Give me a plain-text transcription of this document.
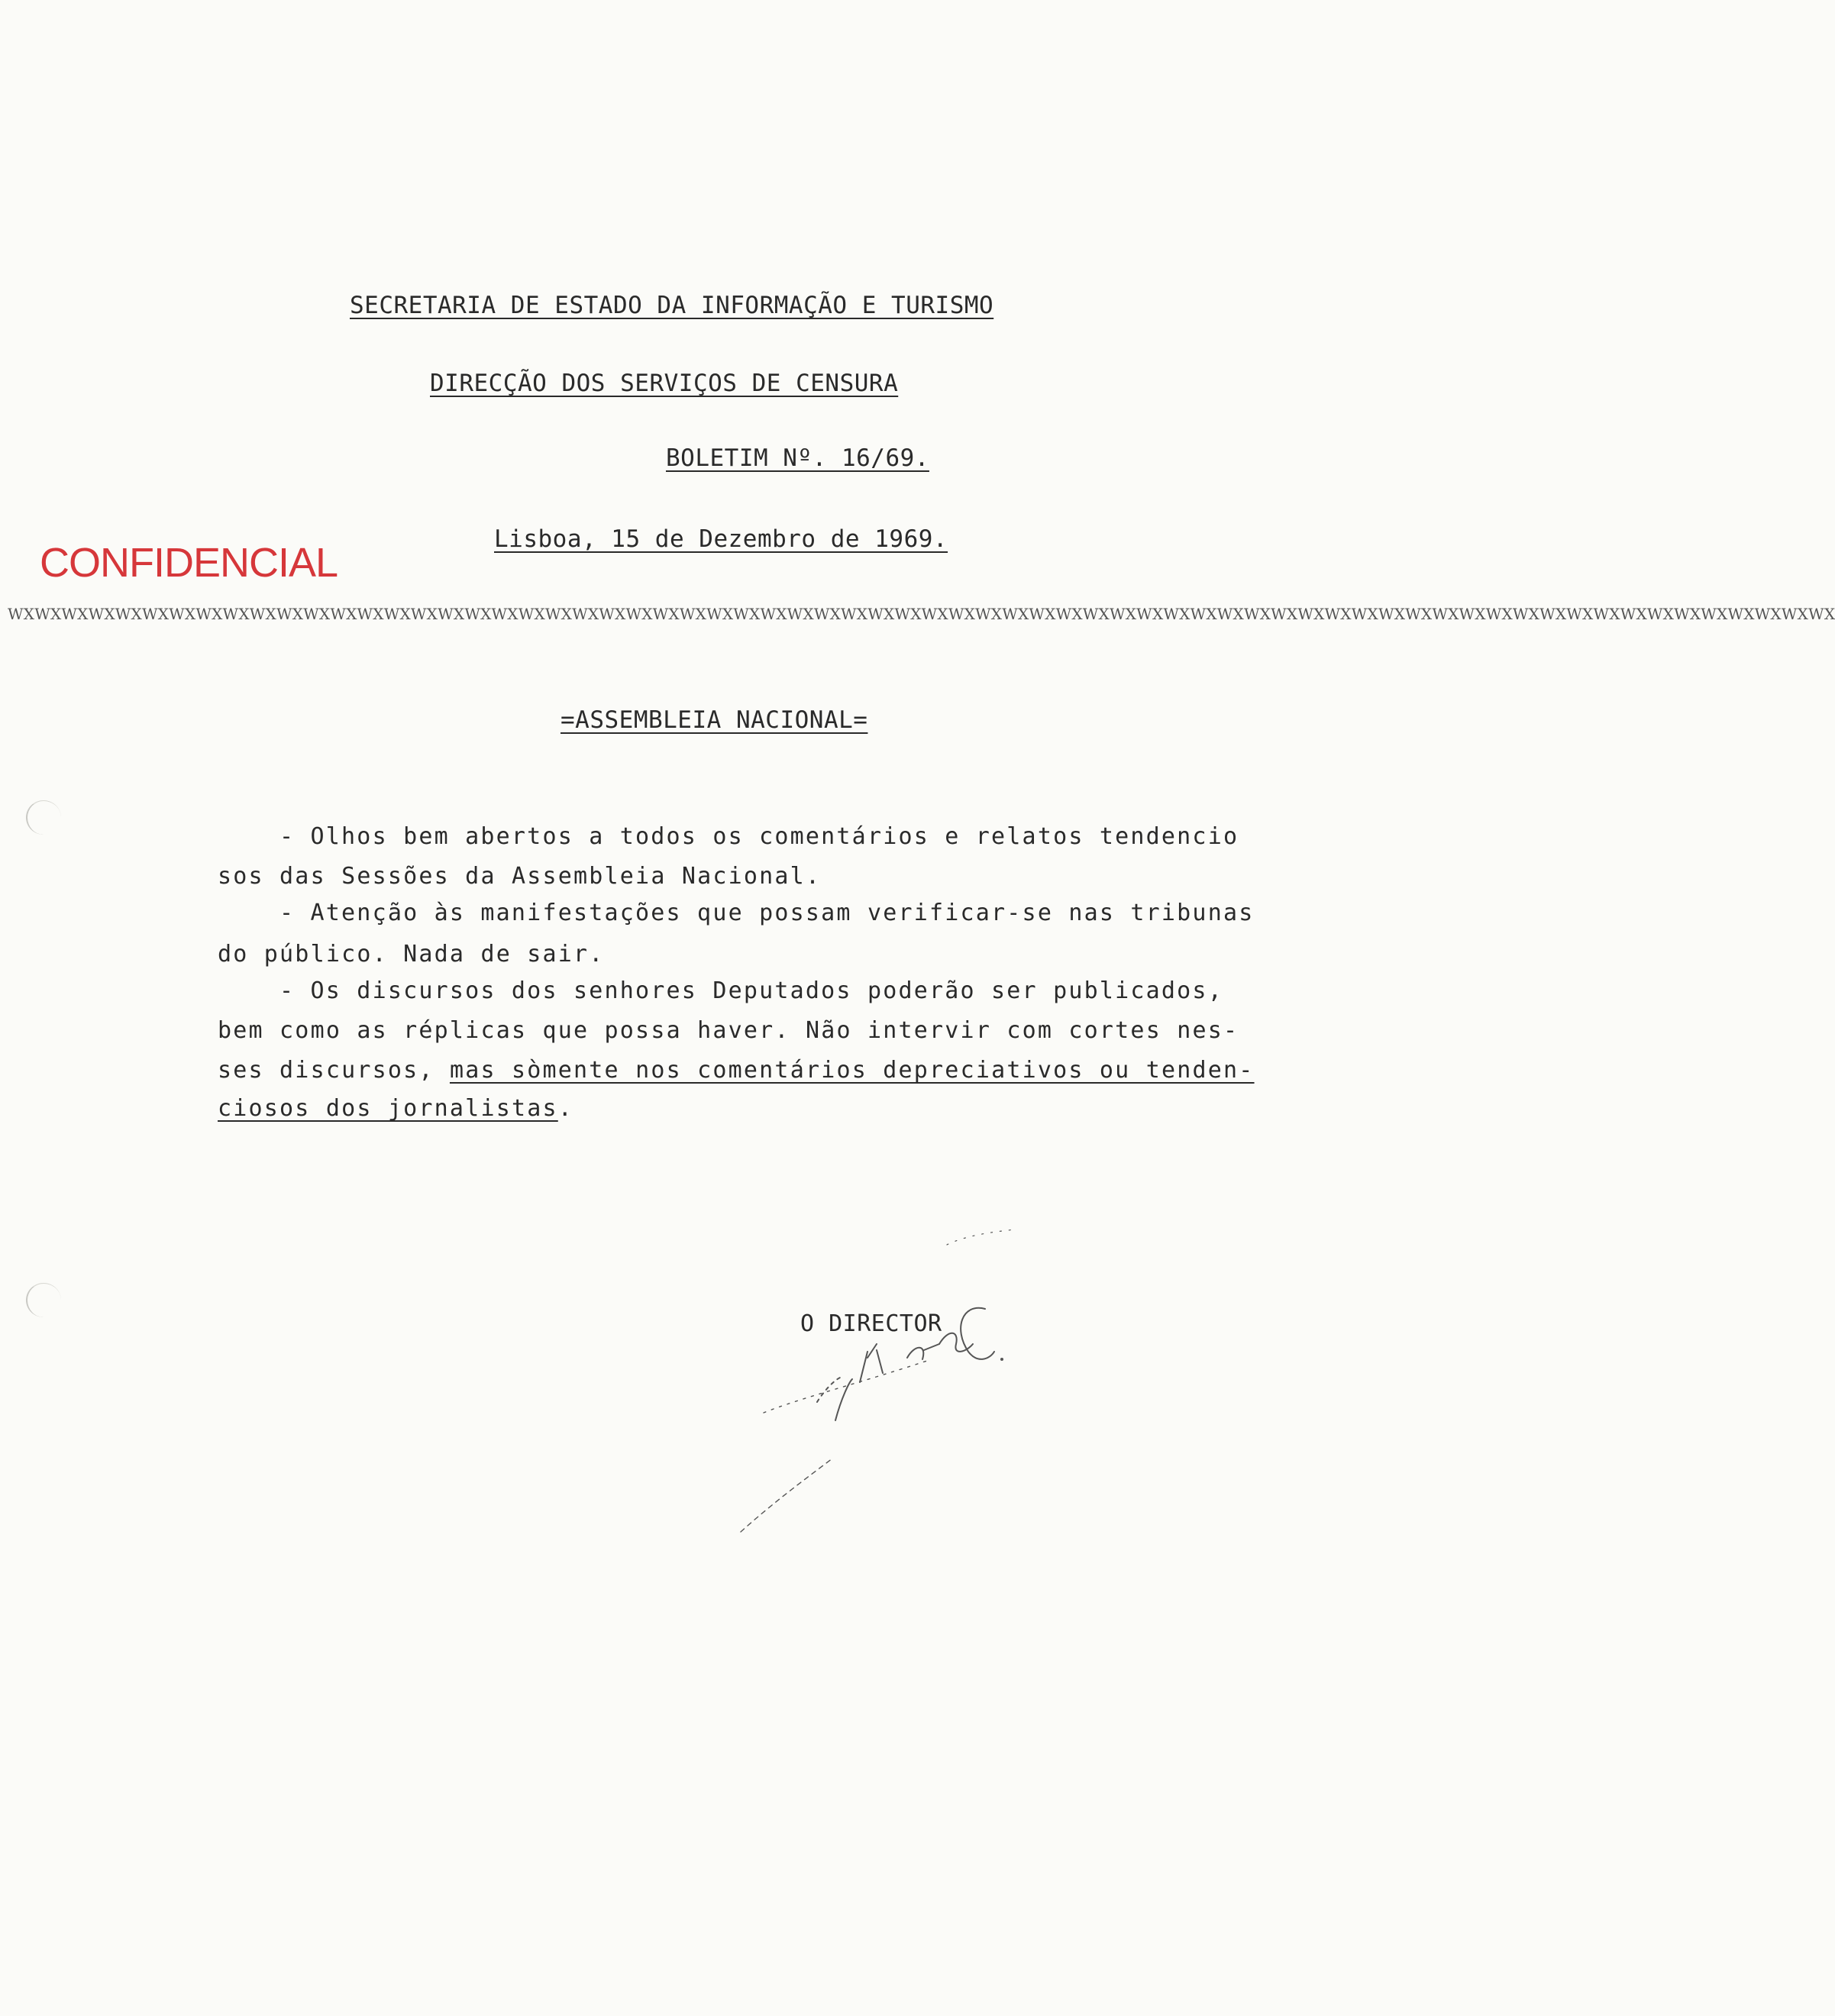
SECRETARIA DE ESTADO DA INFORMAÇÃO E TURISMO
DIRECÇÃO DOS SERVIÇOS DE CENSURA
BOLETIM Nº. 16/69.
Lisboa, 15 de Dezembro de 1969.
CONFIDENCIAL
WXWXWXWXWXWXWXWXWXWXWXWXWXWXWXWXWXWXWXWXWXWXWXWXWXWXWXWXWXWXWXWXWXWXWXWXWXWXWXWXWXWXWXWXWXWXWXWXWXWXWXWXWXWXWXWXWXWXWXWXWXWXWXWXWXWXWXWX
=ASSEMBLEIA NACIONAL=
- Olhos bem abertos a todos os comentários e relatos tendencio
sos das Sessões da Assembleia Nacional.
- Atenção às manifestações que possam verificar-se nas tribunas
do público. Nada de sair.
- Os discursos dos senhores Deputados poderão ser publicados,
bem como as réplicas que possa haver. Não intervir com cortes nes-
ses discursos, mas sòmente nos comentários depreciativos ou tenden-
ciosos dos jornalistas.
O DIRECTOR
